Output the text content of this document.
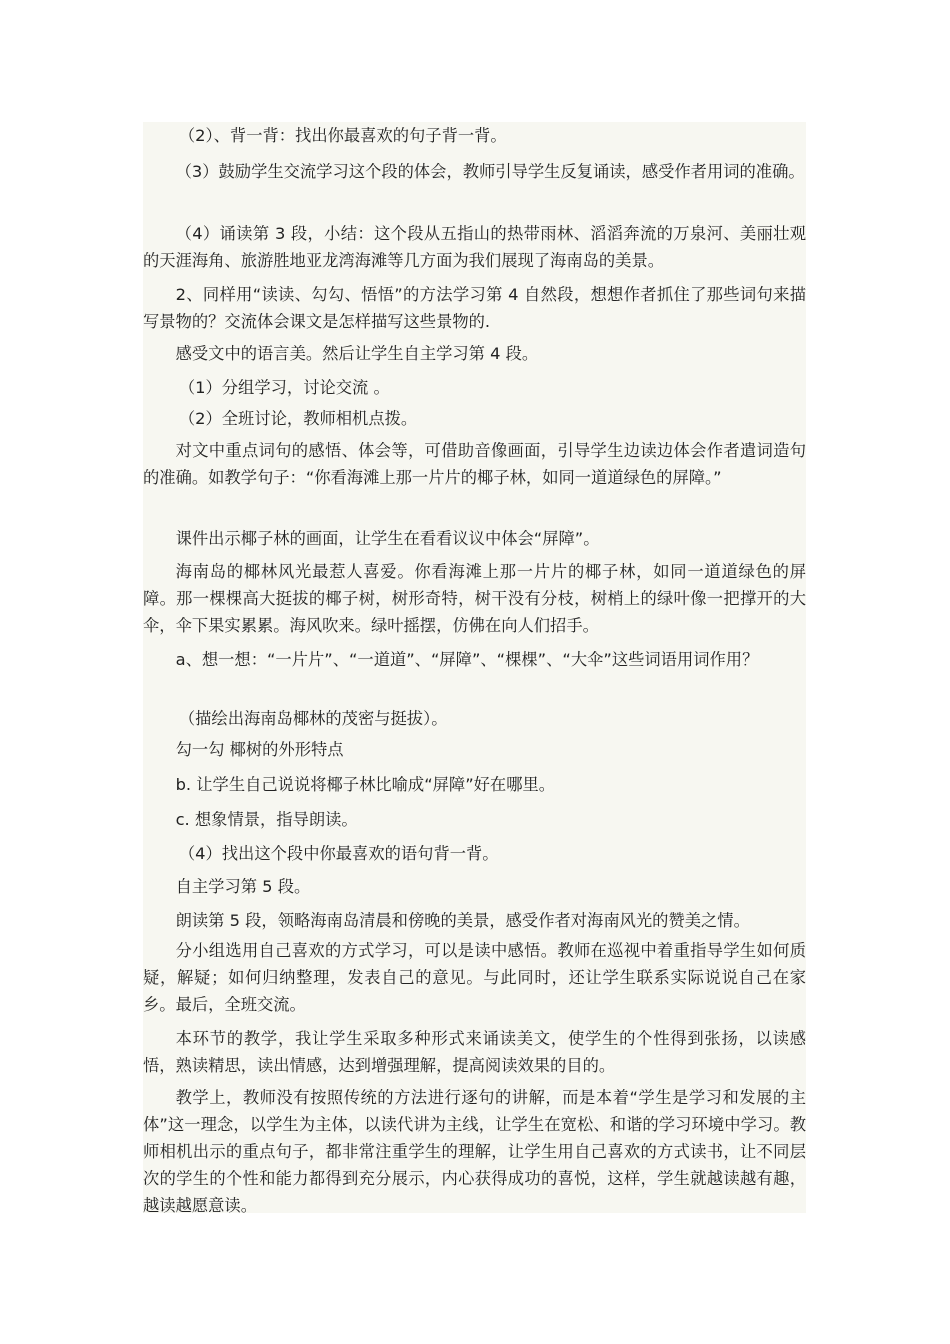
（2）、背一背：找出你最喜欢的句子背一背。

（3）鼓励学生交流学习这个段的体会，教师引导学生反复诵读，感受作者用词的准确。

（4）诵读第 3 段，小结：这个段从五指山的热带雨林、滔滔奔流的万泉河、美丽壮观的天涯海角、旅游胜地亚龙湾海滩等几方面为我们展现了海南岛的美景。

2、同样用“读读、勾勾、悟悟”的方法学习第 4 自然段，想想作者抓住了那些词句来描写景物的？交流体会课文是怎样描写这些景物的.

感受文中的语言美。然后让学生自主学习第 4 段。

（1）分组学习，讨论交流 。

（2）全班讨论，教师相机点拨。

对文中重点词句的感悟、体会等，可借助音像画面，引导学生边读边体会作者遣词造句的准确。如教学句子：“你看海滩上那一片片的椰子林，如同一道道绿色的屏障。”

课件出示椰子林的画面，让学生在看看议议中体会“屏障”。

海南岛的椰林风光最惹人喜爱。你看海滩上那一片片的椰子林，如同一道道绿色的屏障。那一棵棵高大挺拔的椰子树，树形奇特，树干没有分枝，树梢上的绿叶像一把撑开的大伞，伞下果实累累。海风吹来。绿叶摇摆，仿佛在向人们招手。

a、想一想：“一片片”、“一道道”、“屏障”、“棵棵”、“大伞”这些词语用词作用？

（描绘出海南岛椰林的茂密与挺拔）。

勾一勾 椰树的外形特点

b. 让学生自己说说将椰子林比喻成“屏障”好在哪里。

c. 想象情景，指导朗读。

（4）找出这个段中你最喜欢的语句背一背。

自主学习第 5 段。

朗读第 5 段，领略海南岛清晨和傍晚的美景，感受作者对海南风光的赞美之情。

分小组选用自己喜欢的方式学习，可以是读中感悟。教师在巡视中着重指导学生如何质疑，解疑；如何归纳整理，发表自己的意见。与此同时，还让学生联系实际说说自己在家乡。最后，全班交流。

本环节的教学，我让学生采取多种形式来诵读美文，使学生的个性得到张扬，以读感悟，熟读精思，读出情感，达到增强理解，提高阅读效果的目的。

教学上，教师没有按照传统的方法进行逐句的讲解，而是本着“学生是学习和发展的主体”这一理念，以学生为主体，以读代讲为主线，让学生在宽松、和谐的学习环境中学习。教师相机出示的重点句子，都非常注重学生的理解，让学生用自己喜欢的方式读书，让不同层次的学生的个性和能力都得到充分展示，内心获得成功的喜悦，这样，学生就越读越有趣，越读越愿意读。
